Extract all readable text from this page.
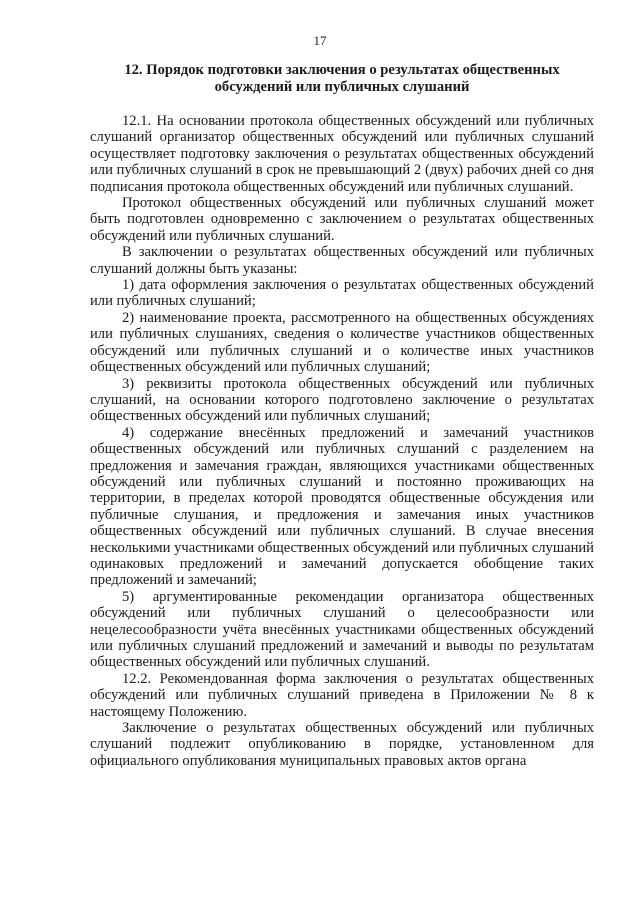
17
12. Порядок подготовки заключения о результатах общественных обсуждений или публичных слушаний

12.1. На основании протокола общественных обсуждений или публичных слушаний организатор общественных обсуждений или публичных слушаний осуществляет подготовку заключения о результатах общественных обсуждений или публичных слушаний в срок не превышающий 2 (двух) рабочих дней со дня подписания протокола общественных обсуждений или публичных слушаний.

Протокол общественных обсуждений или публичных слушаний может быть подготовлен одновременно с заключением о результатах общественных обсуждений или публичных слушаний.

В заключении о результатах общественных обсуждений или публичных слушаний должны быть указаны:

1) дата оформления заключения о результатах общественных обсуждений или публичных слушаний;

2) наименование проекта, рассмотренного на общественных обсуждениях или публичных слушаниях, сведения о количестве участников общественных обсуждений или публичных слушаний и о количестве иных участников общественных обсуждений или публичных слушаний;

3) реквизиты протокола общественных обсуждений или публичных слушаний, на основании которого подготовлено заключение о результатах общественных обсуждений или публичных слушаний;

4) содержание внесённых предложений и замечаний участников общественных обсуждений или публичных слушаний с разделением на предложения и замечания граждан, являющихся участниками общественных обсуждений или публичных слушаний и постоянно проживающих на территории, в пределах которой проводятся общественные обсуждения или публичные слушания, и предложения и замечания иных участников общественных обсуждений или публичных слушаний. В случае внесения несколькими участниками общественных обсуждений или публичных слушаний одинаковых предложений и замечаний допускается обобщение таких предложений и замечаний;

5) аргументированные рекомендации организатора общественных обсуждений или публичных слушаний о целесообразности или нецелесообразности учёта внесённых участниками общественных обсуждений или публичных слушаний предложений и замечаний и выводы по результатам общественных обсуждений или публичных слушаний.

12.2. Рекомендованная форма заключения о результатах общественных обсуждений или публичных слушаний приведена в Приложении № 8 к настоящему Положению.

Заключение о результатах общественных обсуждений или публичных слушаний подлежит опубликованию в порядке, установленном для официального опубликования муниципальных правовых актов органа
